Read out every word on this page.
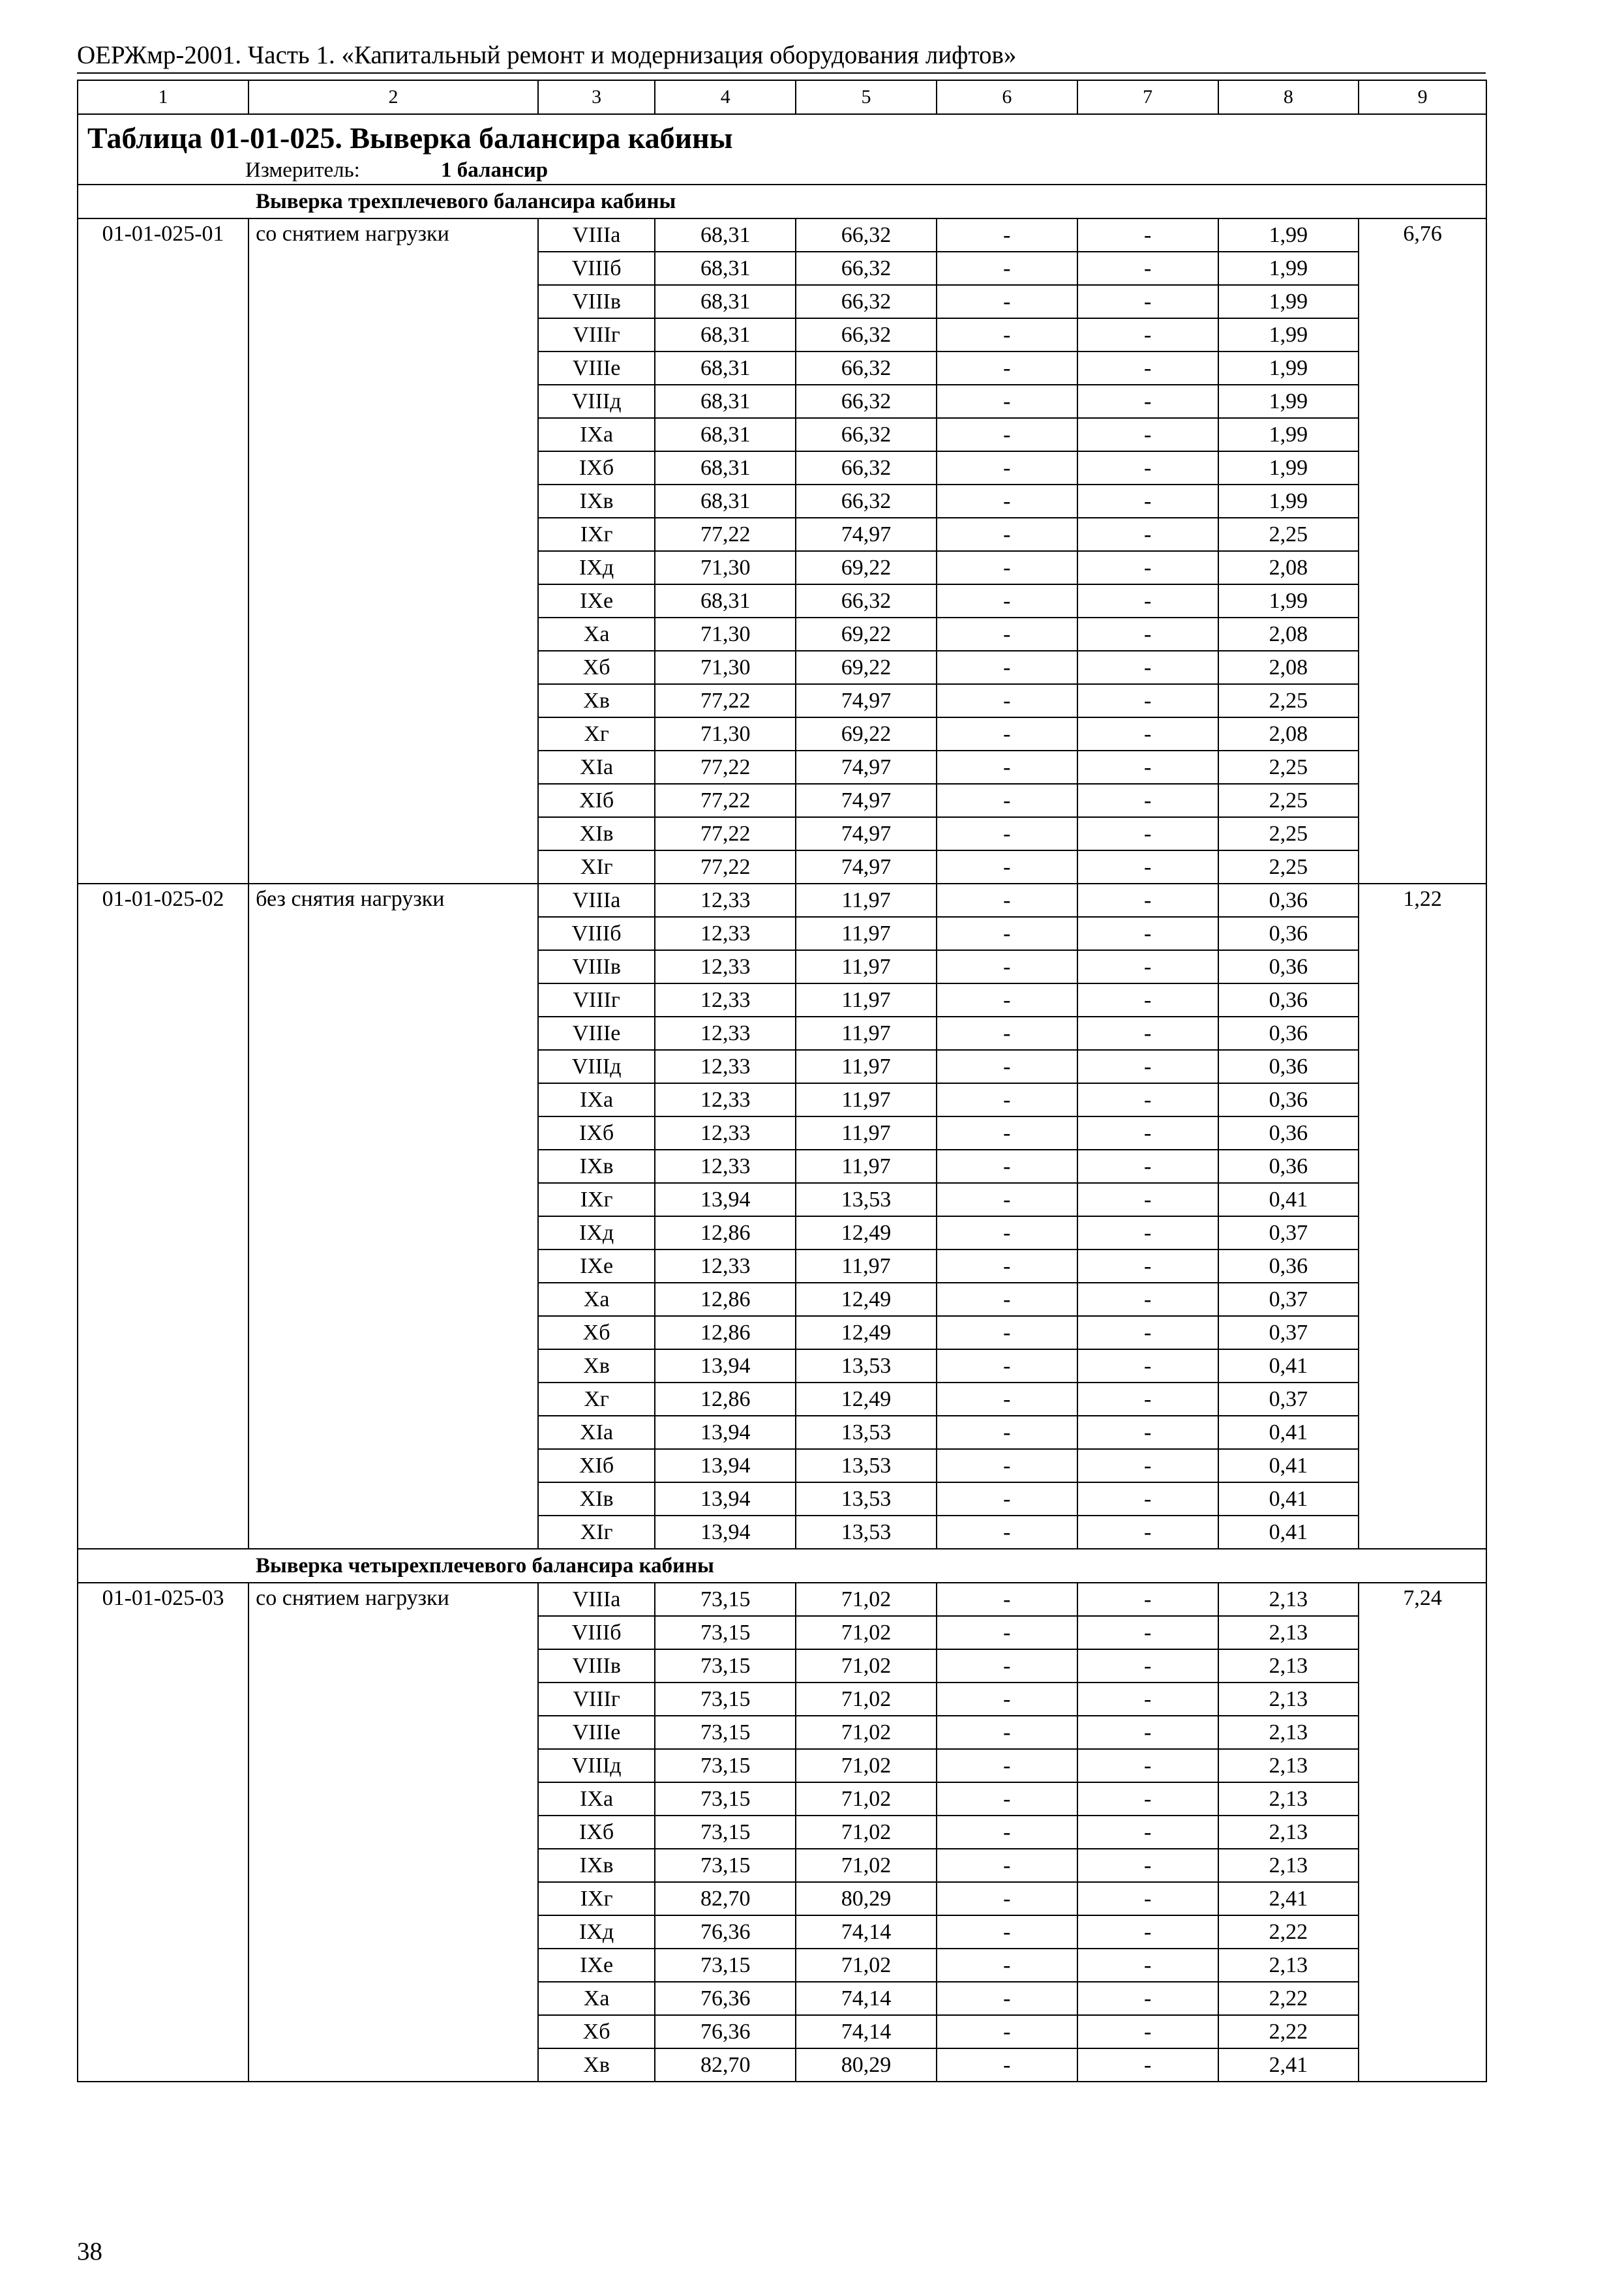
ОЕРЖмр-2001. Часть 1. «Капитальный ремонт и модернизация оборудования лифтов»
1	2	3	4	5	6	7	8	9

Таблица 01-01-025. Выверка балансира кабины
Измеритель: 1 балансир								

Выверка трехплечевого балансира кабины								
01-01-025-01	со снятием нагрузки	VIIIа	68,31	66,32	-	-	1,99	6,76
		VIIIб	68,31	66,32	-	-	1,99	
		VIIIв	68,31	66,32	-	-	1,99	
		VIIIг	68,31	66,32	-	-	1,99	
		VIIIе	68,31	66,32	-	-	1,99	
		VIIIд	68,31	66,32	-	-	1,99	
		IXа	68,31	66,32	-	-	1,99	
		IXб	68,31	66,32	-	-	1,99	
		IXв	68,31	66,32	-	-	1,99	
		IXг	77,22	74,97	-	-	2,25	
		IXд	71,30	69,22	-	-	2,08	
		IXе	68,31	66,32	-	-	1,99	
		Xа	71,30	69,22	-	-	2,08	
		Xб	71,30	69,22	-	-	2,08	
		Xв	77,22	74,97	-	-	2,25	
		Xг	71,30	69,22	-	-	2,08	
		XIа	77,22	74,97	-	-	2,25	
		XIб	77,22	74,97	-	-	2,25	
		XIв	77,22	74,97	-	-	2,25	
		XIг	77,22	74,97	-	-	2,25	
01-01-025-02	без снятия нагрузки	VIIIа	12,33	11,97	-	-	0,36	1,22
		VIIIб	12,33	11,97	-	-	0,36	
		VIIIв	12,33	11,97	-	-	0,36	
		VIIIг	12,33	11,97	-	-	0,36	
		VIIIе	12,33	11,97	-	-	0,36	
		VIIIд	12,33	11,97	-	-	0,36	
		IXа	12,33	11,97	-	-	0,36	
		IXб	12,33	11,97	-	-	0,36	
		IXв	12,33	11,97	-	-	0,36	
		IXг	13,94	13,53	-	-	0,41	
		IXд	12,86	12,49	-	-	0,37	
		IXе	12,33	11,97	-	-	0,36	
		Xа	12,86	12,49	-	-	0,37	
		Xб	12,86	12,49	-	-	0,37	
		Xв	13,94	13,53	-	-	0,41	
		Xг	12,86	12,49	-	-	0,37	
		XIа	13,94	13,53	-	-	0,41	
		XIб	13,94	13,53	-	-	0,41	
		XIв	13,94	13,53	-	-	0,41	
		XIг	13,94	13,53	-	-	0,41	
Выверка четырехплечевого балансира кабины								
01-01-025-03	со снятием нагрузки	VIIIа	73,15	71,02	-	-	2,13	7,24
		VIIIб	73,15	71,02	-	-	2,13	
		VIIIв	73,15	71,02	-	-	2,13	
		VIIIг	73,15	71,02	-	-	2,13	
		VIIIе	73,15	71,02	-	-	2,13	
		VIIIд	73,15	71,02	-	-	2,13	
		IXа	73,15	71,02	-	-	2,13	
		IXб	73,15	71,02	-	-	2,13	
		IXв	73,15	71,02	-	-	2,13	
		IXг	82,70	80,29	-	-	2,41	
		IXд	76,36	74,14	-	-	2,22	
		IXе	73,15	71,02	-	-	2,13	
		Xа	76,36	74,14	-	-	2,22	
		Xб	76,36	74,14	-	-	2,22	
		Xв	82,70	80,29	-	-	2,41	
38
